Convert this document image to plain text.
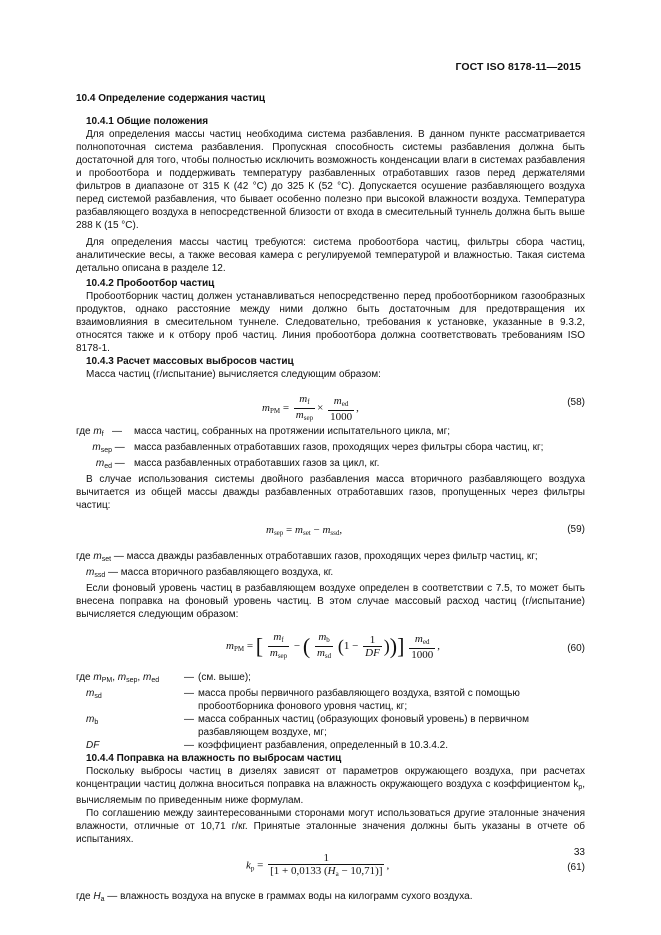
ГОСТ ISO 8178-11—2015

10.4 Определение содержания частиц

10.4.1 Общие положения

Для определения массы частиц необходима система разбавления. В данном пункте рассматривается полнопоточная система разбавления. Пропускная способность системы разбавления должна быть достаточной для того, чтобы полностью исключить возможность конденсации влаги в системах разбавления и пробоотбора и поддерживать температуру разбавленных отработавших газов перед держателями фильтров в диапазоне от 315 К (42 °C) до 325 К (52 °C). Допускается осушение разбавляющего воздуха перед системой разбавления, что бывает особенно полезно при высокой влажности воздуха. Температура разбавляющего воздуха в непосредственной близости от входа в смесительный туннель должна быть выше 288 К (15 °C).

Для определения массы частиц требуются: система пробоотбора частиц, фильтры сбора частиц, аналитические весы, а также весовая камера с регулируемой температурой и влажностью. Такая система детально описана в разделе 12.

10.4.2 Пробоотбор частиц

Пробоотборник частиц должен устанавливаться непосредственно перед пробоотборником газообразных продуктов, однако расстояние между ними должно быть достаточным для предотвращения их взаимовлияния в смесительном туннеле. Следовательно, требования к установке, указанные в 9.3.2, относятся также и к отбору проб частиц. Линия пробоотбора должна соответствовать требованиям ISO 8178-1.

10.4.3 Расчет массовых выбросов частиц

Масса частиц (г/испытание) вычисляется следующим образом:

$m_{PM} = \frac{m_f}{m_{sep}} \times \frac{m_{ed}}{1000}$ ,	(58)
где $m_f$ —	масса частиц, собранных на протяжении испытательного цикла, мг;
$m_{sep}$ — масса разбавленных отработавших газов, проходящих через фильтры сбора частиц, кг;
$m_{ed}$ — масса разбавленных отработавших газов за цикл, кг.

В случае использования системы двойного разбавления масса вторичного разбавляющего воздуха вычитается из общей массы дважды разбавленных отработавших газов, пропущенных через фильтры частиц:

$m_{sep} = m_{set} - m_{ssd}$,	(59)

где $m_{set}$ — масса дважды разбавленных отработавших газов, проходящих через фильтр частиц, кг;

$m_{ssd}$ — масса вторичного разбавляющего воздуха, кг.

Если фоновый уровень частиц в разбавляющем воздухе определен в соответствии с 7.5, то может быть внесена поправка на фоновый уровень частиц. В этом случае массовый расход частиц (г/испытание) вычисляется следующим образом:

$m_{PM}$ = [ $\frac{m_f}{m_{sep}}$ − ( $\frac{m_b}{m_{sd}} (1 - \frac{1}{DF}$ ))] $\frac{m_{ed}}{1000}$ ,	(60)
где $m_{PM}$, $m_{sep}$, $m_{ed}$	— (см. выше);
$m_{sd}$	— масса пробы первичного разбавляющего воздуха, взятой с помощью пробоотборника фонового уровня частиц, кг;
$m_b$	— масса собранных частиц (образующих фоновый уровень) в первичном разбавляющем воздухе, мг;
DF	— коэффициент разбавления, определенный в 10.3.4.2.

10.4.4 Поправка на влажность по выбросам частиц

Поскольку выбросы частиц в дизелях зависят от параметров окружающего воздуха, при расчетах концентрации частиц должна вноситься поправка на влажность окружающего воздуха с коэффициентом $k_p$, вычисляемым по приведенным ниже формулам.

По соглашению между заинтересованными сторонами могут использоваться другие эталонные значения влажности, отличные от 10,71 г/кг. Принятые эталонные значения должны быть указаны в отчете об испытаниях.

$k_p = \frac{1}{[1 + 0,0133 (H_a - 10,71)]}$ ,	(61)

где $H_a$ — влажность воздуха на впуске в граммах воды на килограмм сухого воздуха.

33
